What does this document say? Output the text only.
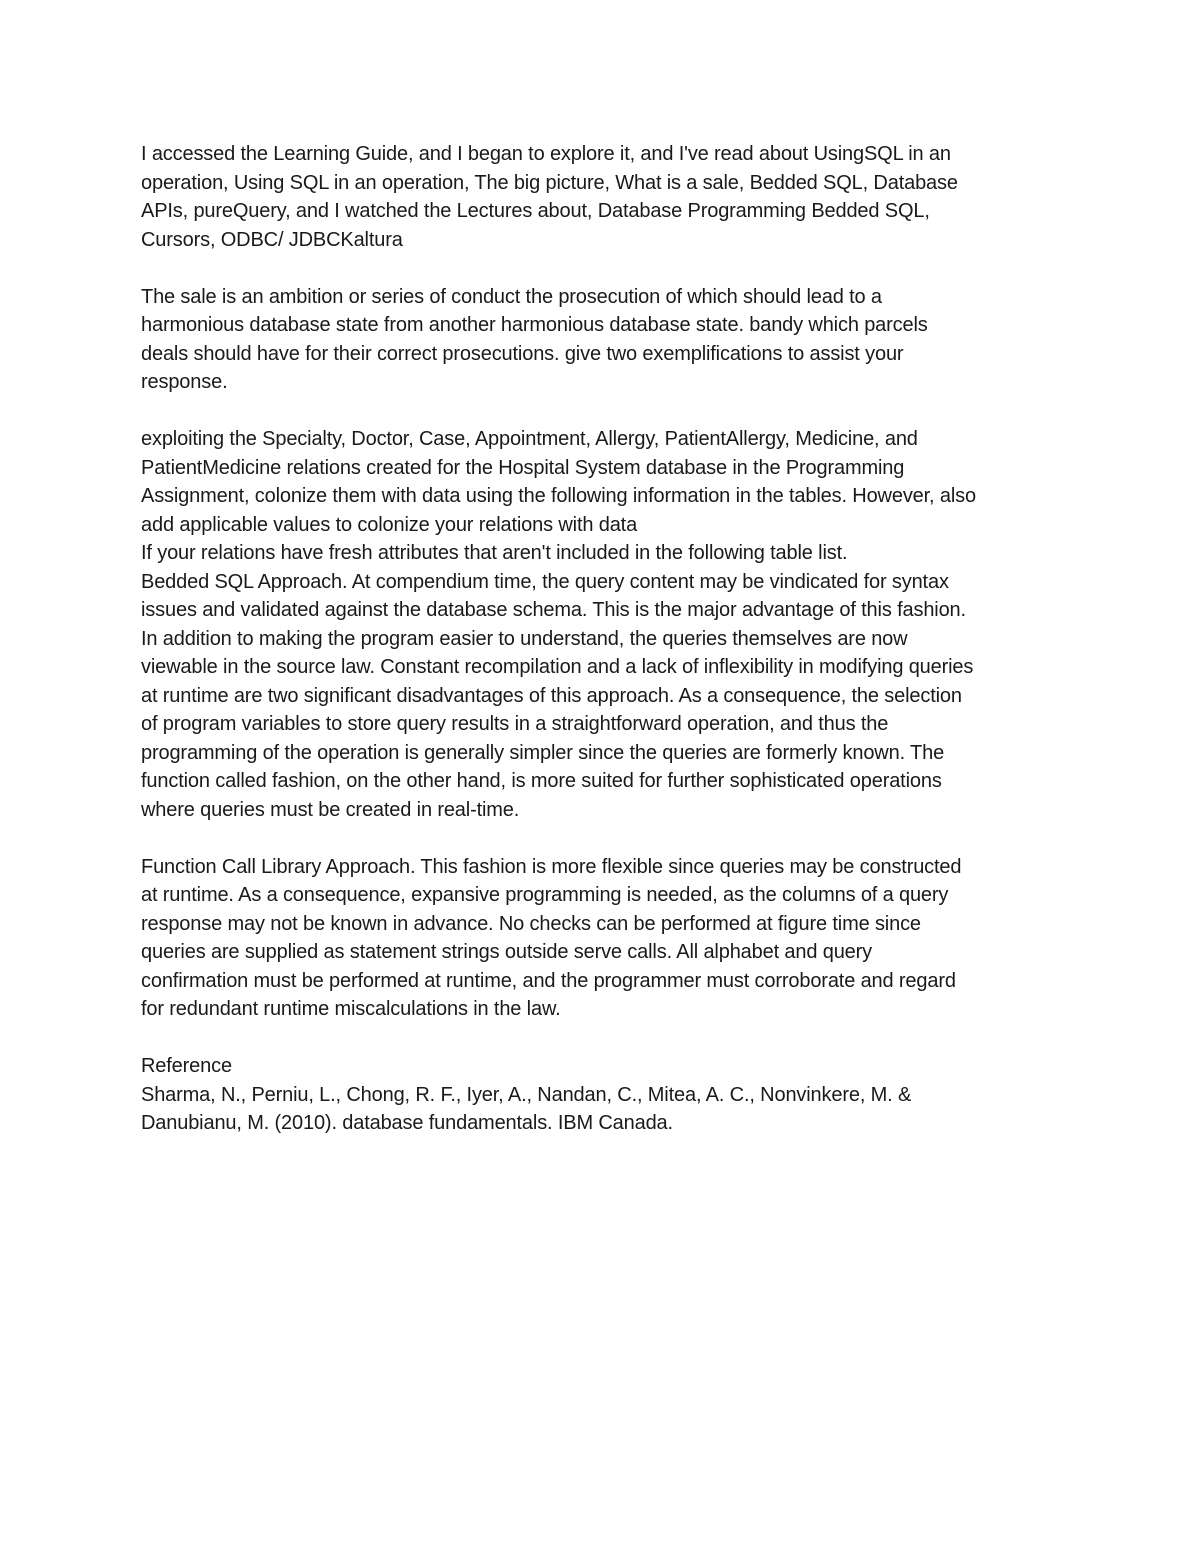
I accessed the Learning Guide, and I began to explore it, and I've read about UsingSQL in an
operation, Using SQL in an operation, The big picture, What is a sale, Bedded SQL, Database
APIs, pureQuery, and I watched the Lectures about, Database Programming Bedded SQL,
Cursors, ODBC/ JDBCKaltura

The sale is an ambition or series of conduct the prosecution of which should lead to a
harmonious database state from another harmonious database state. bandy which parcels
deals should have for their correct prosecutions. give two exemplifications to assist your
response.

exploiting the Specialty, Doctor, Case, Appointment, Allergy, PatientAllergy, Medicine, and
PatientMedicine relations created for the Hospital System database in the Programming
Assignment, colonize them with data using the following information in the tables. However, also
add applicable values to colonize your relations with data

If your relations have fresh attributes that aren't included in the following table list.

Bedded SQL Approach. At compendium time, the query content may be vindicated for syntax
issues and validated against the database schema. This is the major advantage of this fashion.
In addition to making the program easier to understand, the queries themselves are now
viewable in the source law. Constant recompilation and a lack of inflexibility in modifying queries
at runtime are two significant disadvantages of this approach. As a consequence, the selection
of program variables to store query results in a straightforward operation, and thus the
programming of the operation is generally simpler since the queries are formerly known. The
function called fashion, on the other hand, is more suited for further sophisticated operations
where queries must be created in real-time.

Function Call Library Approach. This fashion is more flexible since queries may be constructed
at runtime. As a consequence, expansive programming is needed, as the columns of a query
response may not be known in advance. No checks can be performed at figure time since
queries are supplied as statement strings outside serve calls. All alphabet and query
confirmation must be performed at runtime, and the programmer must corroborate and regard
for redundant runtime miscalculations in the law.

Reference

Sharma, N., Perniu, L., Chong, R. F., Iyer, A., Nandan, C., Mitea, A. C., Nonvinkere, M. &
Danubianu, M. (2010). database fundamentals. IBM Canada.
